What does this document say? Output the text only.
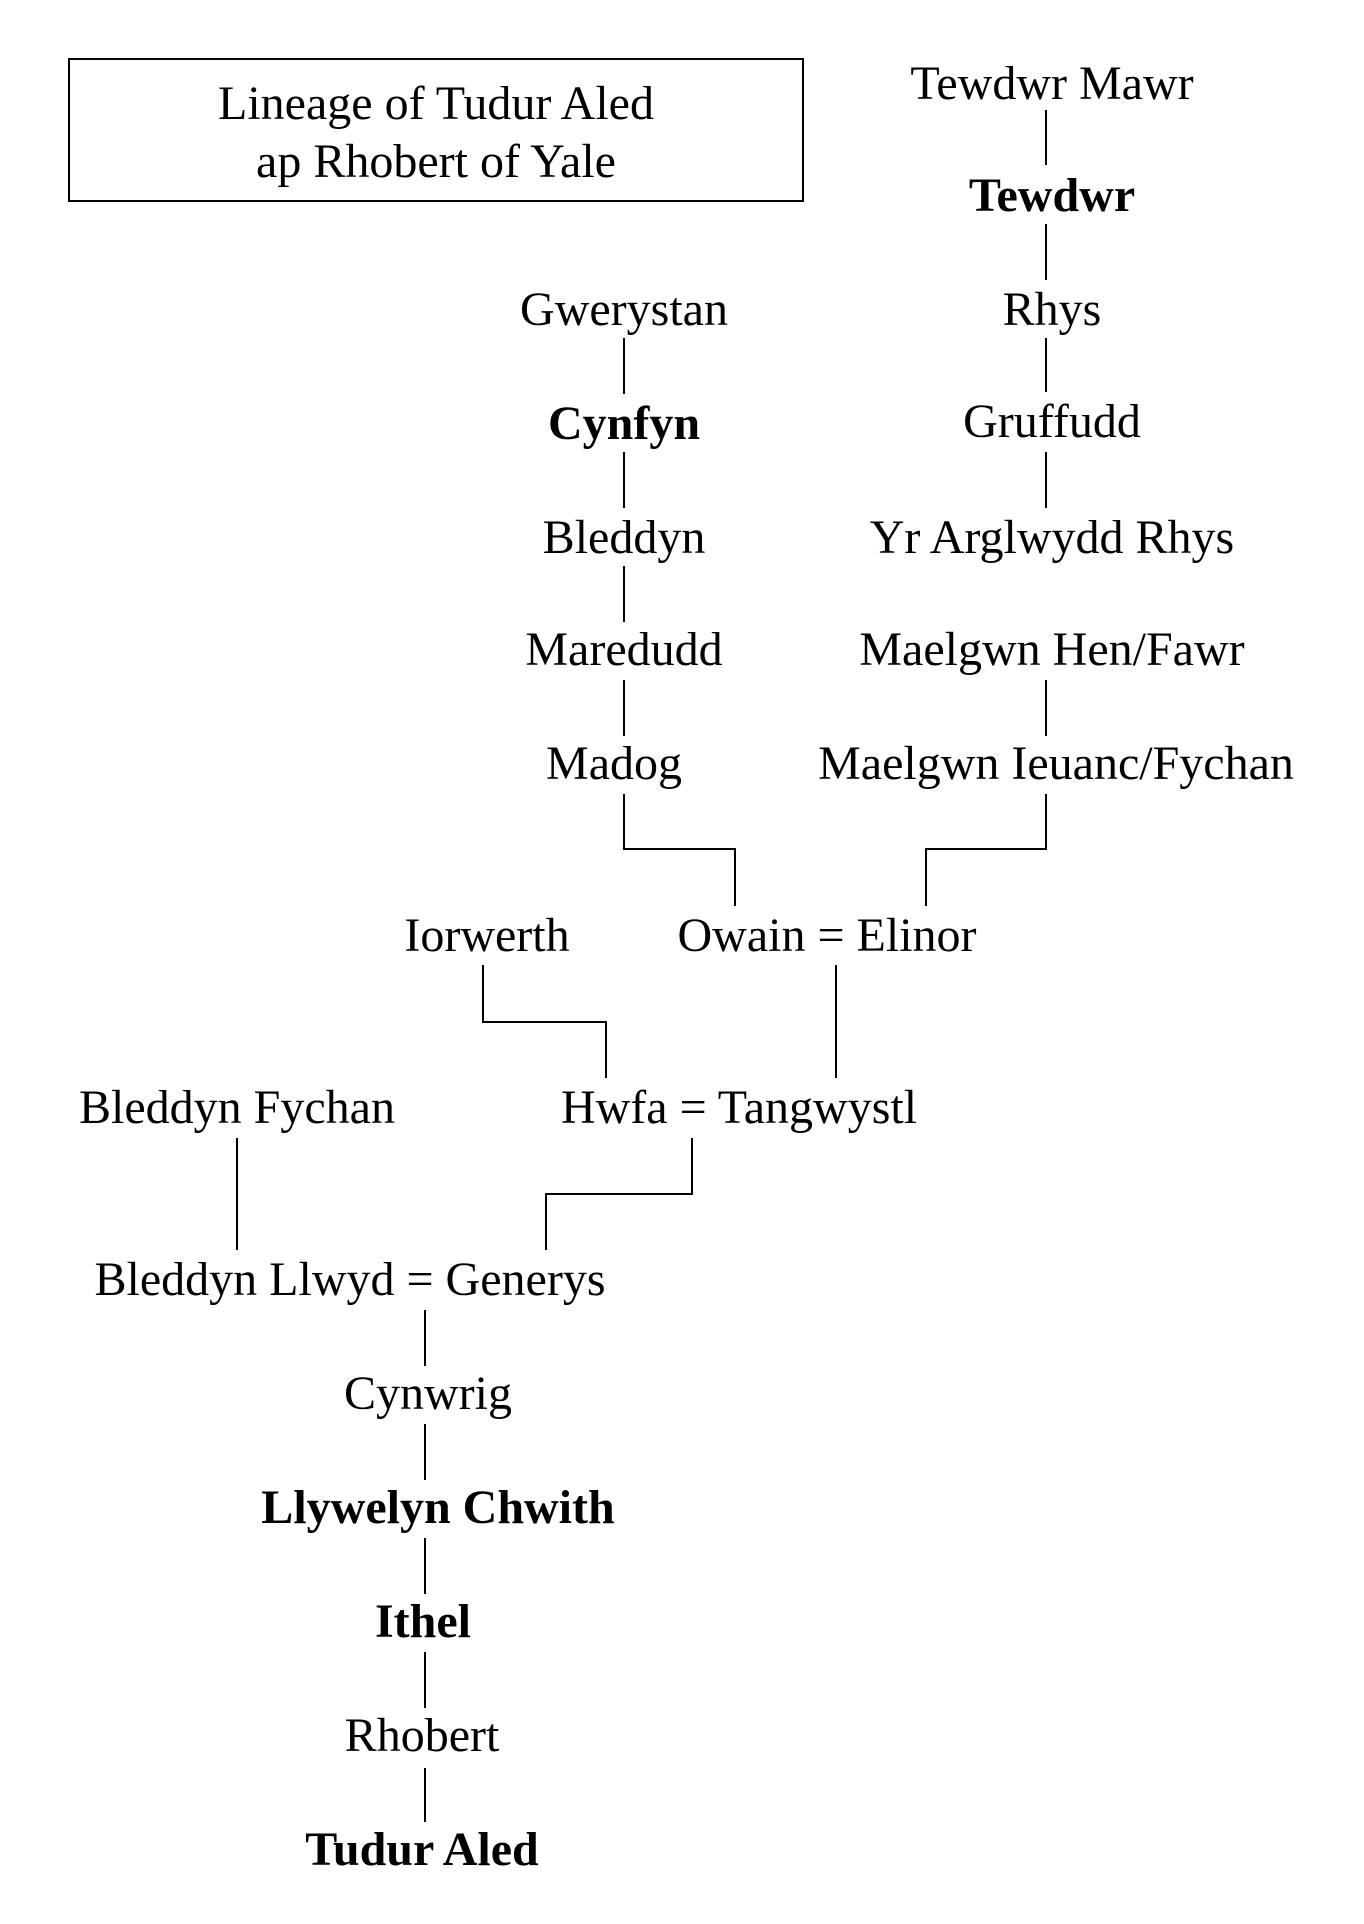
Lineage of Tudur Aled
ap Rhobert of Yale
Tewdwr Mawr
Tewdwr
Rhys
Gruffudd
Yr Arglwydd Rhys
Maelgwn Hen/Fawr
Maelgwn Ieuanc/Fychan
Gwerystan
Cynfyn
Bleddyn
Maredudd
Madog
Iorwerth Owain = Elinor
Bleddyn Fychan	Hwfa = Tangwystl
Bleddyn Llwyd = Generys
Cynwrig
Llywelyn Chwith
Ithel
Rhobert
Tudur Aled
